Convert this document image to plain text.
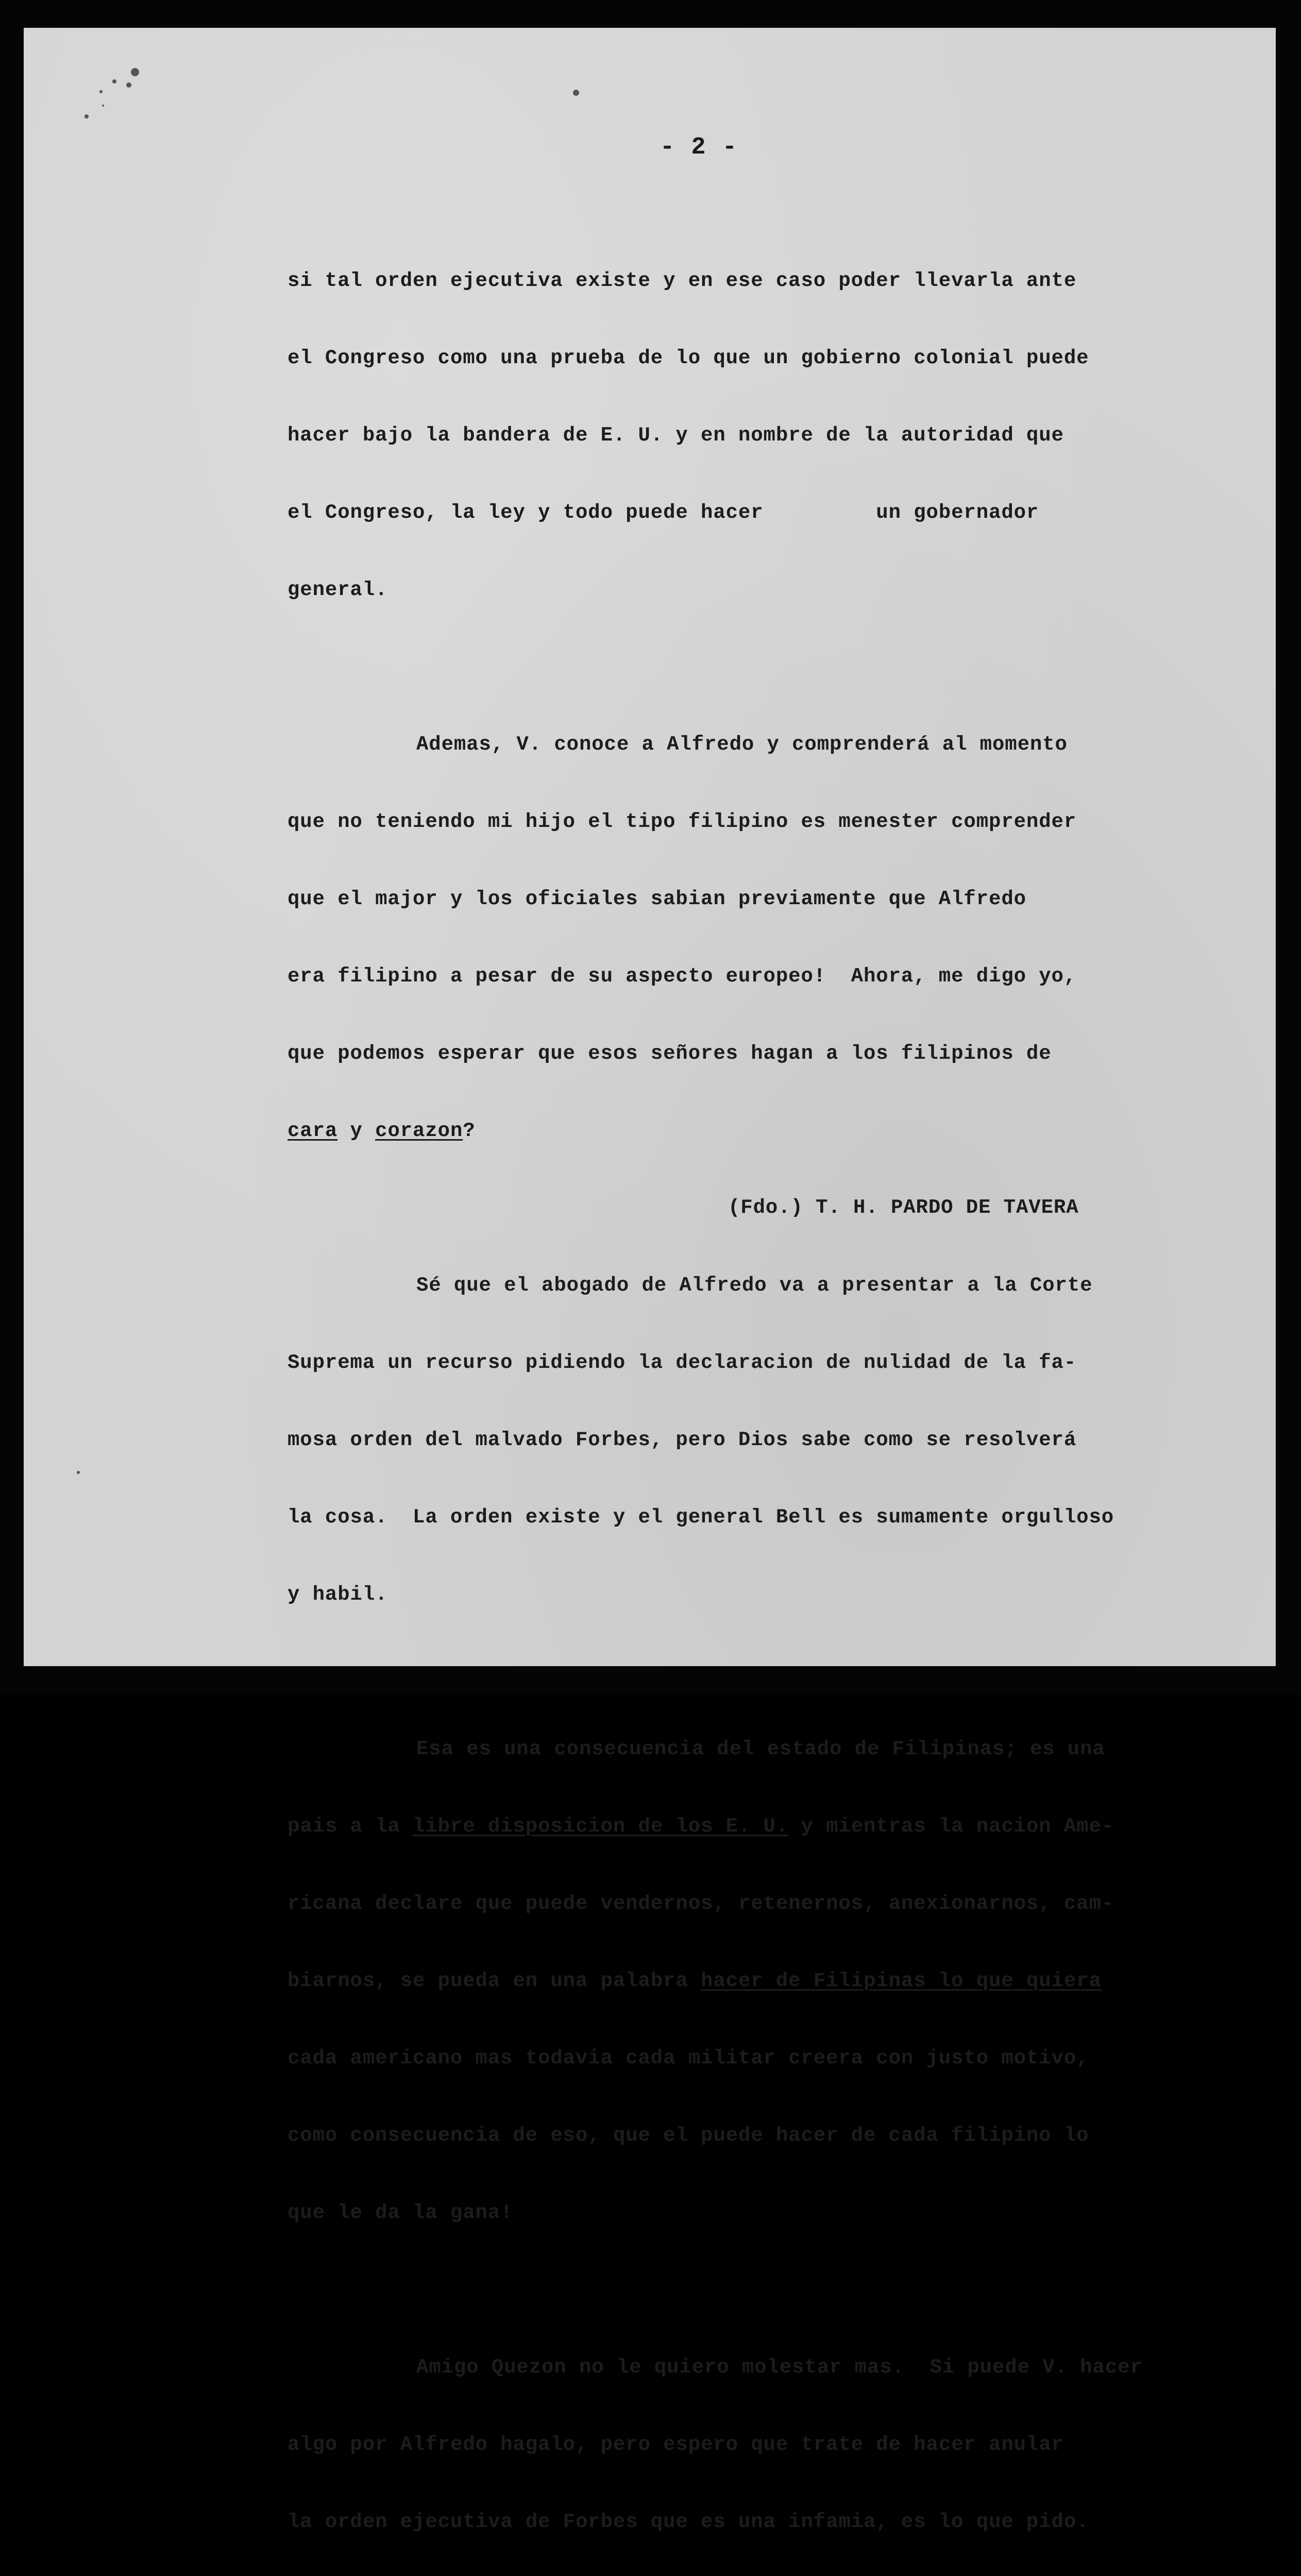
- 2 -

si tal orden ejecutiva existe y en ese caso poder llevarla ante

el Congreso como una prueba de lo que un gobierno colonial puede

hacer bajo la bandera de E. U. y en nombre de la autoridad que

el Congreso, la ley y todo puede hacer         un gobernador

general.

Ademas, V. conoce a Alfredo y comprenderá al momento

que no teniendo mi hijo el tipo filipino es menester comprender

que el major y los oficiales sabian previamente que Alfredo

era filipino a pesar de su aspecto europeo!  Ahora, me digo yo,

que podemos esperar que esos señores hagan a los filipinos de

cara y corazon?

Sé que el abogado de Alfredo va a presentar a la Corte

Suprema un recurso pidiendo la declaracion de nulidad de la fa-

mosa orden del malvado Forbes, pero Dios sabe como se resolverá

la cosa.  La orden existe y el general Bell es sumamente orgulloso

y habil.

Esa es una consecuencia del estado de Filipinas; es una

pais a la libre disposicion de los E. U. y mientras la nacion Ame-

ricana declare que puede vendernos, retenernos, anexionarnos, cam-

biarnos, se pueda en una palabra hacer de Filipinas lo que quiera

cada americano mas todavia cada militar creera con justo motivo,

como consecuencia de eso, que el puede hacer de cada filipino lo

que le da la gana!

Amigo Quezon no le quiero molestar mas.  Si puede V. hacer

algo por Alfredo hagalo, pero espero que trate de hacer anular

la orden ejecutiva de Forbes que es una infamia, es lo que pido.

(Fdo.) T. H. PARDO DE TAVERA
